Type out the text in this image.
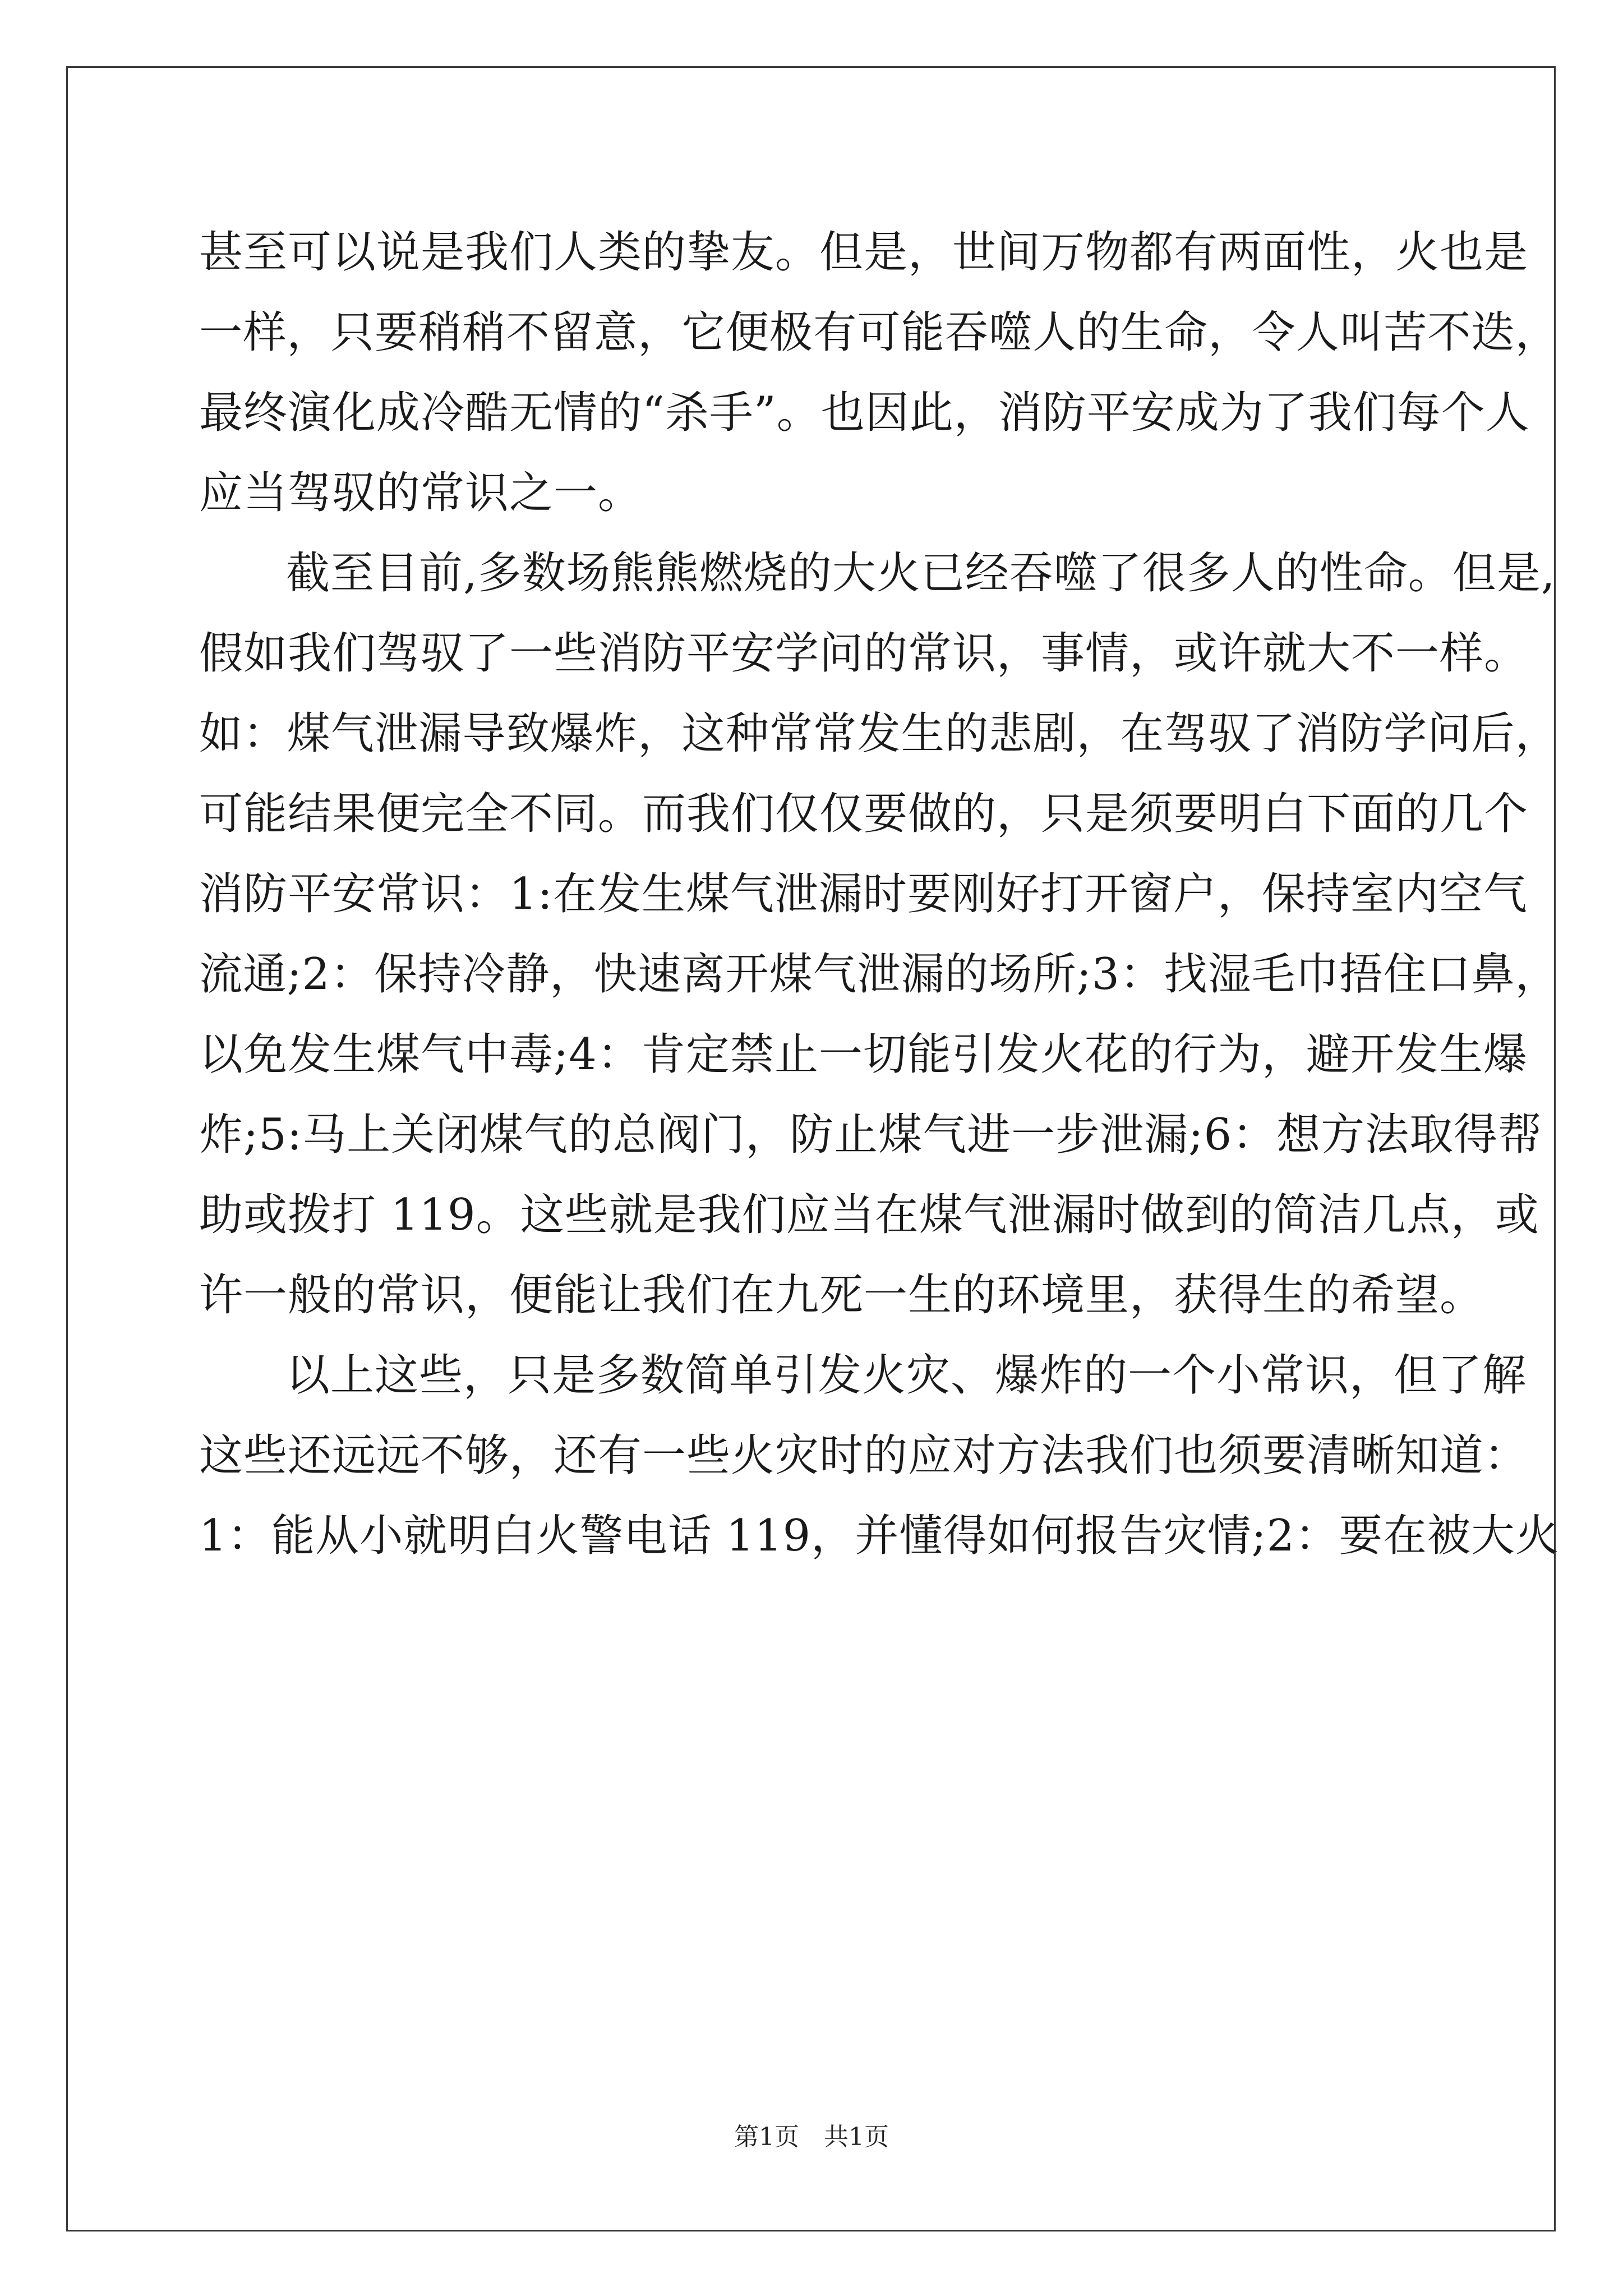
甚至可以说是我们人类的挚友。但是，世间万物都有两面性，火也是
一样，只要稍稍不留意，它便极有可能吞噬人的生命，令人叫苦不迭，
最终演化成冷酷无情的“杀手”。也因此，消防平安成为了我们每个人
应当驾驭的常识之一。
截至目前,多数场熊熊燃烧的大火已经吞噬了很多人的性命。但是,
假如我们驾驭了一些消防平安学问的常识，事情，或许就大不一样。
如：煤气泄漏导致爆炸，这种常常发生的悲剧，在驾驭了消防学问后，
可能结果便完全不同。而我们仅仅要做的，只是须要明白下面的几个
消防平安常识：1:在发生煤气泄漏时要刚好打开窗户，保持室内空气
流通;2：保持冷静，快速离开煤气泄漏的场所;3：找湿毛巾捂住口鼻，
以免发生煤气中毒;4：肯定禁止一切能引发火花的行为，避开发生爆
炸;5:马上关闭煤气的总阀门，防止煤气进一步泄漏;6：想方法取得帮
助或拨打 119。这些就是我们应当在煤气泄漏时做到的简洁几点，或
许一般的常识，便能让我们在九死一生的环境里，获得生的希望。
以上这些，只是多数简单引发火灾、爆炸的一个小常识，但了解
这些还远远不够，还有一些火灾时的应对方法我们也须要清晰知道：
1：能从小就明白火警电话 119，并懂得如何报告灾情;2：要在被大火
第1页 共1页
